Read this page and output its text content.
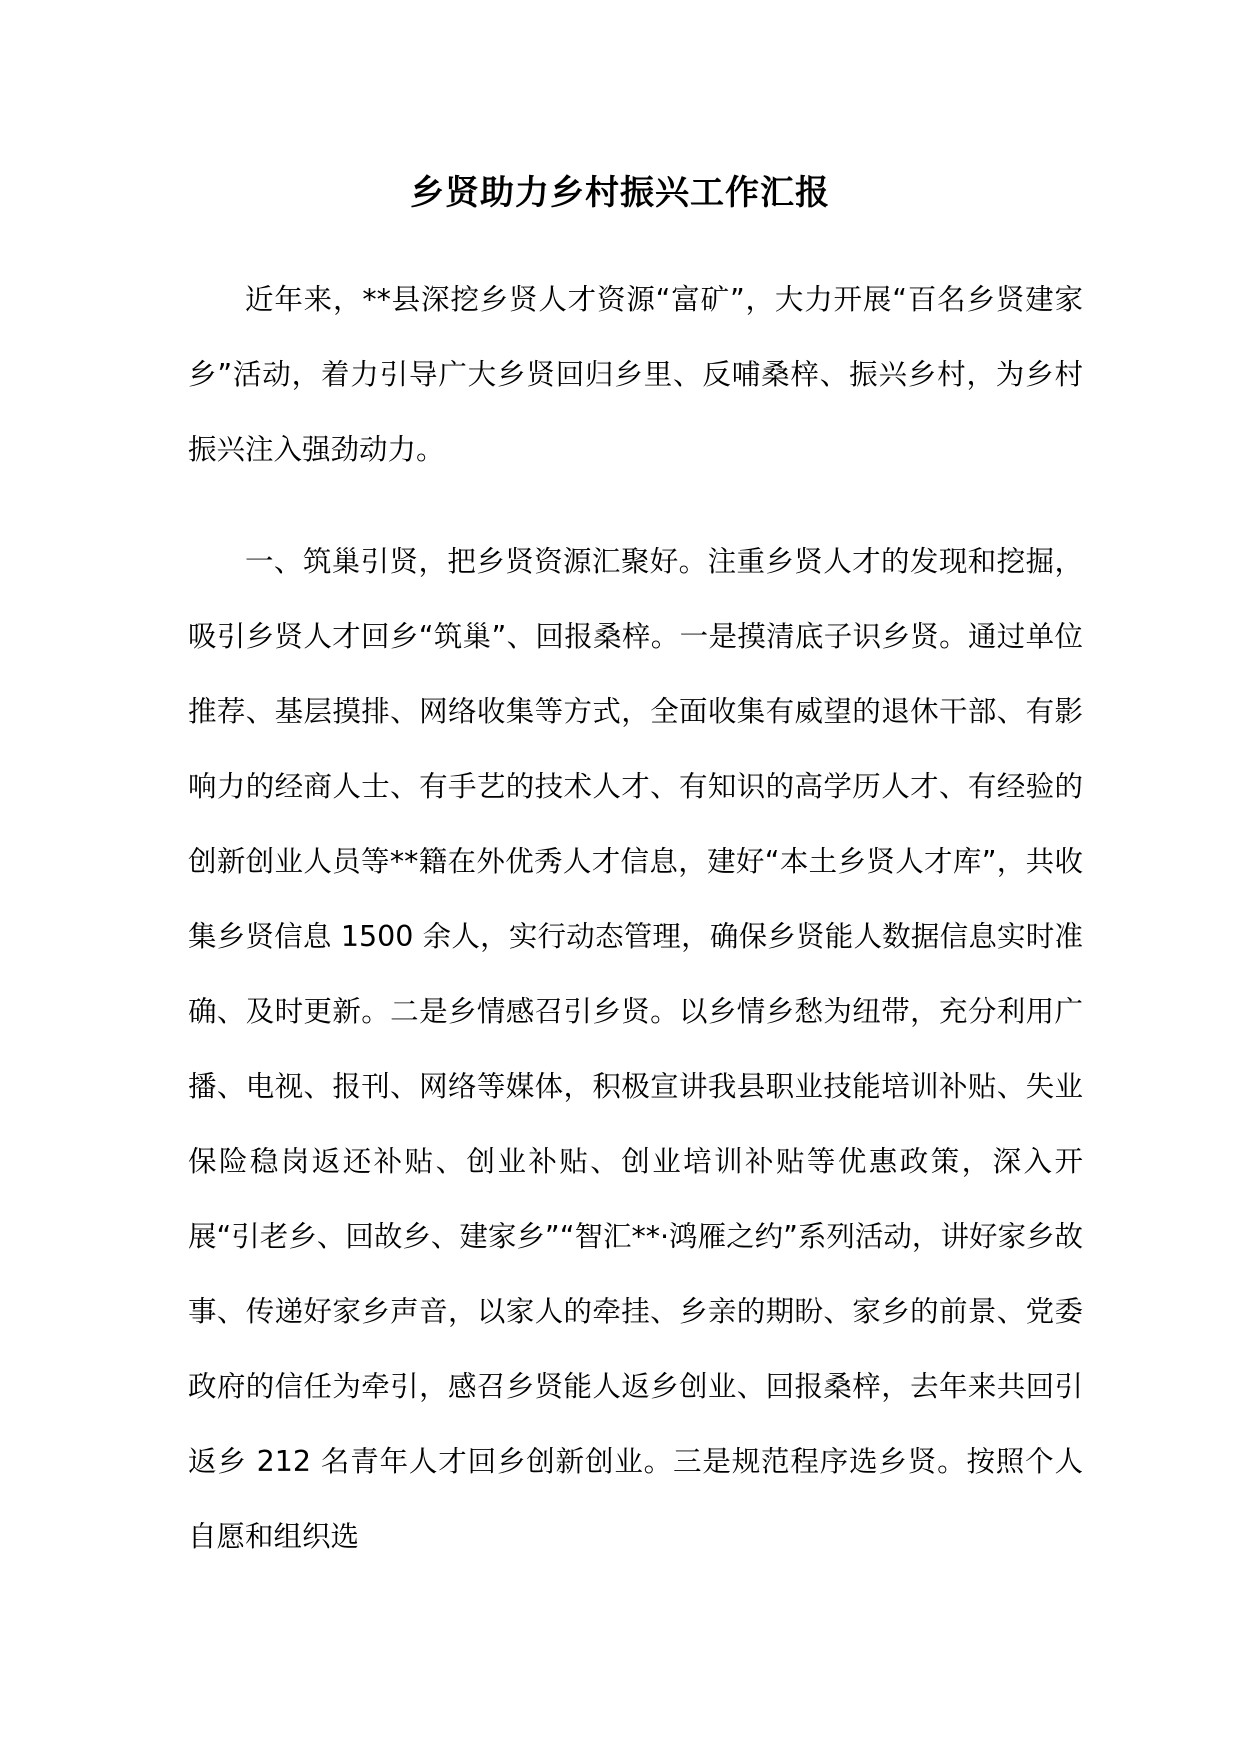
乡贤助力乡村振兴工作汇报

近年来，**县深挖乡贤人才资源“富矿”，大力开展“百名乡贤建家乡”活动，着力引导广大乡贤回归乡里、反哺桑梓、振兴乡村，为乡村振兴注入强劲动力。

一、筑巢引贤，把乡贤资源汇聚好。注重乡贤人才的发现和挖掘，吸引乡贤人才回乡“筑巢”、回报桑梓。一是摸清底子识乡贤。通过单位推荐、基层摸排、网络收集等方式，全面收集有威望的退休干部、有影响力的经商人士、有手艺的技术人才、有知识的高学历人才、有经验的创新创业人员等**籍在外优秀人才信息，建好“本土乡贤人才库”，共收集乡贤信息 1500 余人，实行动态管理，确保乡贤能人数据信息实时准确、及时更新。二是乡情感召引乡贤。以乡情乡愁为纽带，充分利用广播、电视、报刊、网络等媒体，积极宣讲我县职业技能培训补贴、失业保险稳岗返还补贴、创业补贴、创业培训补贴等优惠政策，深入开展“引老乡、回故乡、建家乡”“智汇**·鸿雁之约”系列活动，讲好家乡故事、传递好家乡声音，以家人的牵挂、乡亲的期盼、家乡的前景、党委政府的信任为牵引，感召乡贤能人返乡创业、回报桑梓，去年来共回引返乡 212 名青年人才回乡创新创业。三是规范程序选乡贤。按照个人自愿和组织选
